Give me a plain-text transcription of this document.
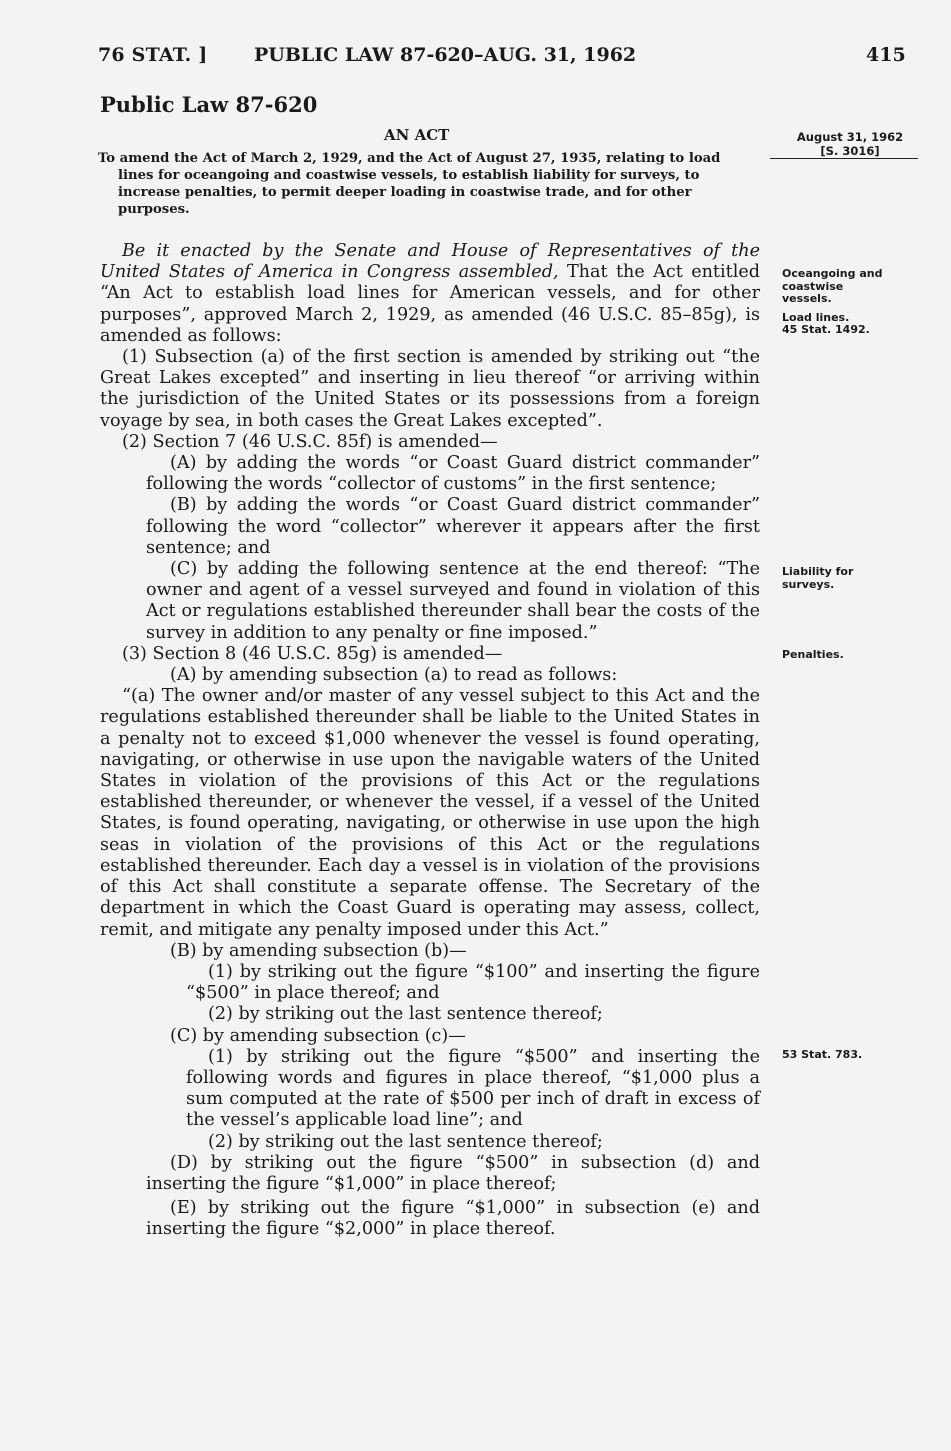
76 STAT. ] PUBLIC LAW 87-620–AUG. 31, 1962	415
Public Law 87-620
AN ACT
To amend the Act of March 2, 1929, and the Act of August 27, 1935, relating to load lines for oceangoing and coastwise vessels, to establish liability for surveys, to increase penalties, to permit deeper loading in coastwise trade, and for other purposes.
August 31, 1962
[S. 3016]
Oceangoing and coastwise vessels.
Load lines.
45 Stat. 1492.
Liability for surveys.
Penalties.
53 Stat. 783.

Be it enacted by the Senate and House of Representatives of the United States of America in Congress assembled, That the Act entitled “An Act to establish load lines for American vessels, and for other purposes”, approved March 2, 1929, as amended (46 U.S.C. 85–85g), is amended as follows:

(1) Subsection (a) of the first section is amended by striking out “the Great Lakes excepted” and inserting in lieu thereof “or arriving within the jurisdiction of the United States or its possessions from a foreign voyage by sea, in both cases the Great Lakes excepted”.

(2) Section 7 (46 U.S.C. 85f) is amended—

(A) by adding the words “or Coast Guard district commander” following the words “collector of customs” in the first sentence;

(B) by adding the words “or Coast Guard district commander” following the word “collector” wherever it appears after the first sentence; and

(C) by adding the following sentence at the end thereof: “The owner and agent of a vessel surveyed and found in violation of this Act or regulations established thereunder shall bear the costs of the survey in addition to any penalty or fine imposed.”

(3) Section 8 (46 U.S.C. 85g) is amended—

(A) by amending subsection (a) to read as follows:

“(a) The owner and/or master of any vessel subject to this Act and the regulations established thereunder shall be liable to the United States in a penalty not to exceed $1,000 whenever the vessel is found operating, navigating, or otherwise in use upon the navigable waters of the United States in violation of the provisions of this Act or the regulations established thereunder, or whenever the vessel, if a vessel of the United States, is found operating, navigating, or otherwise in use upon the high seas in violation of the provisions of this Act or the regulations established thereunder. Each day a vessel is in violation of the provisions of this Act shall constitute a separate offense. The Secretary of the department in which the Coast Guard is operating may assess, collect, remit, and mitigate any penalty imposed under this Act.”

(B) by amending subsection (b)—

(1) by striking out the figure “$100” and inserting the figure “$500” in place thereof; and

(2) by striking out the last sentence thereof;

(C) by amending subsection (c)—

(1) by striking out the figure “$500” and inserting the following words and figures in place thereof, “$1,000 plus a sum computed at the rate of $500 per inch of draft in excess of the vessel’s applicable load line”; and

(2) by striking out the last sentence thereof;

(D) by striking out the figure “$500” in subsection (d) and inserting the figure “$1,000” in place thereof;

(E) by striking out the figure “$1,000” in subsection (e) and inserting the figure “$2,000” in place thereof.
